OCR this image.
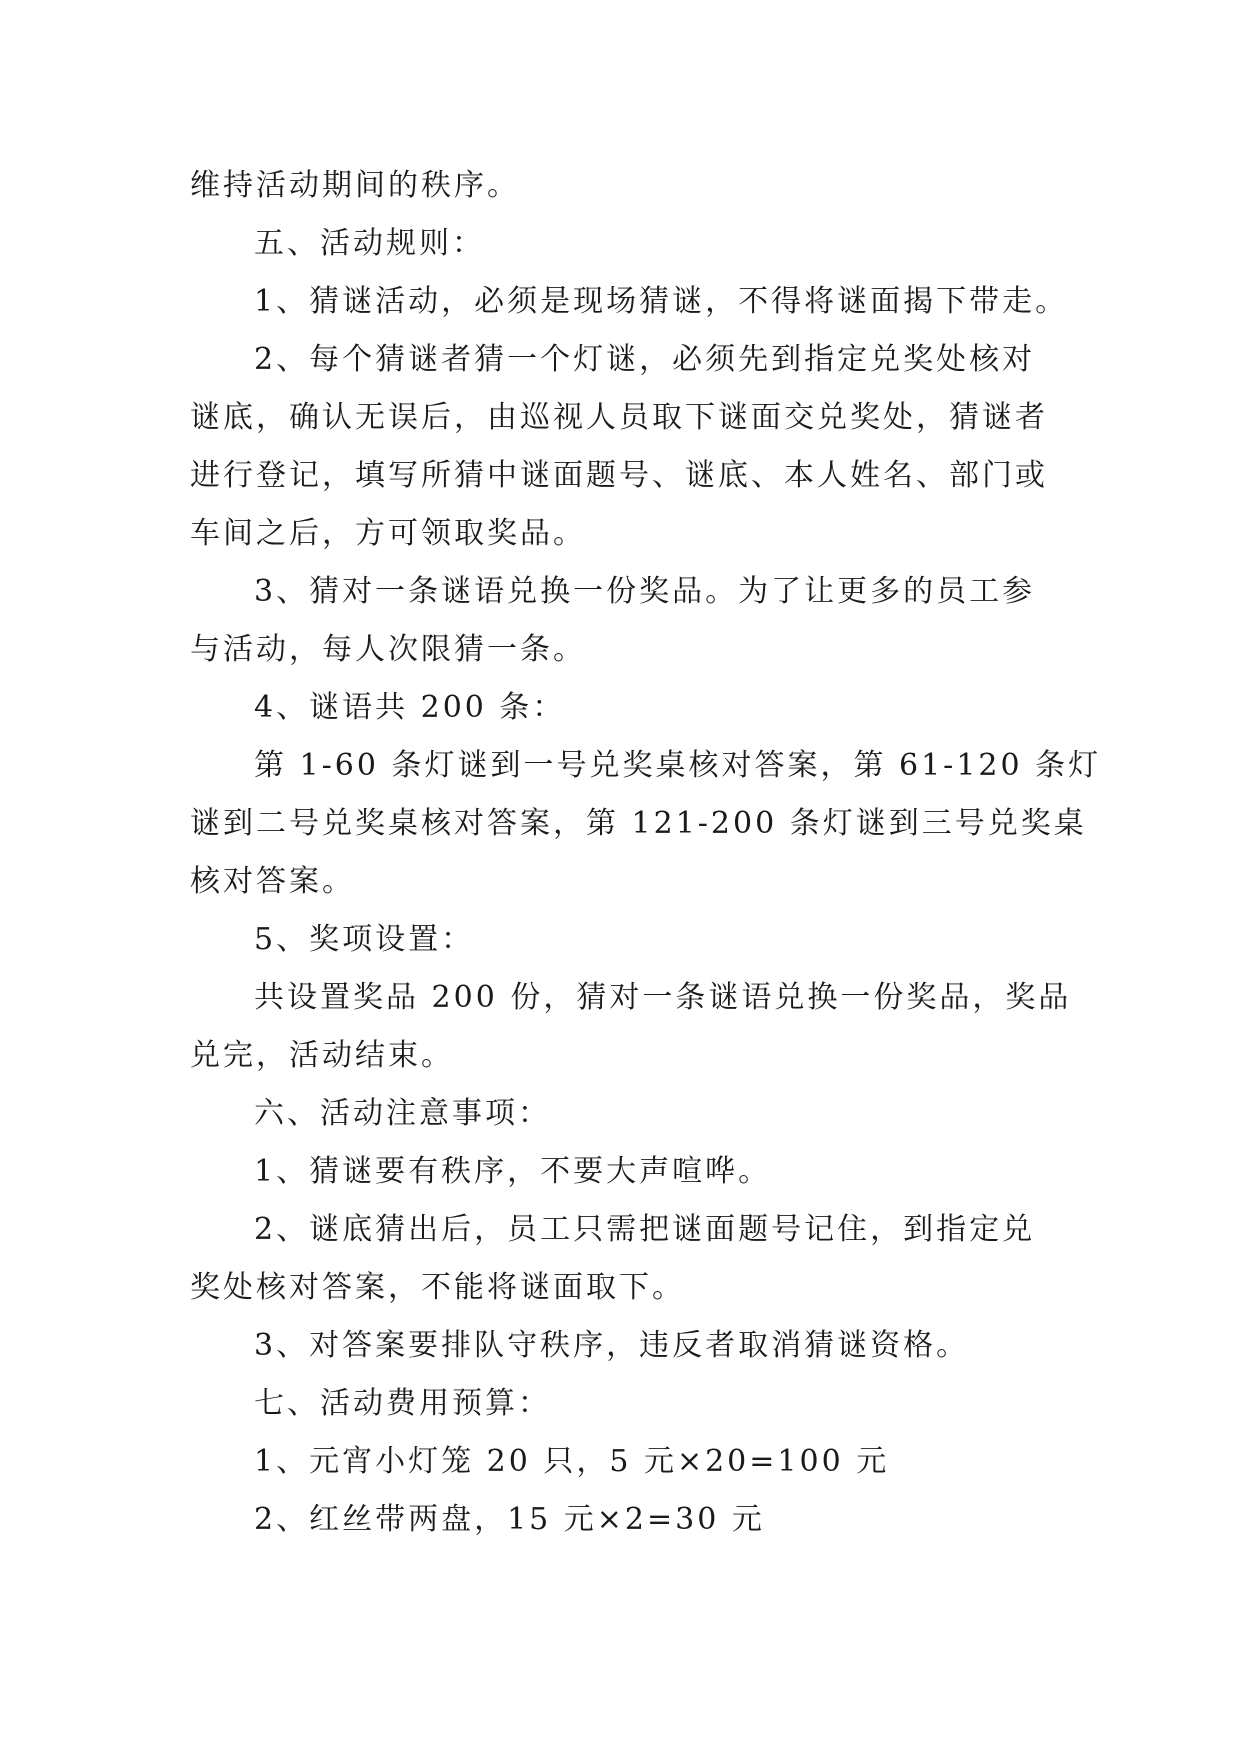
维持活动期间的秩序。
五、活动规则：
1、猜谜活动，必须是现场猜谜，不得将谜面揭下带走。
2、每个猜谜者猜一个灯谜，必须先到指定兑奖处核对
谜底，确认无误后，由巡视人员取下谜面交兑奖处，猜谜者
进行登记，填写所猜中谜面题号、谜底、本人姓名、部门或
车间之后，方可领取奖品。
3、猜对一条谜语兑换一份奖品。为了让更多的员工参
与活动，每人次限猜一条。
4、谜语共 200 条：
第 1-60 条灯谜到一号兑奖桌核对答案，第 61-120 条灯
谜到二号兑奖桌核对答案，第 121-200 条灯谜到三号兑奖桌
核对答案。
5、奖项设置：
共设置奖品 200 份，猜对一条谜语兑换一份奖品，奖品
兑完，活动结束。
六、活动注意事项：
1、猜谜要有秩序，不要大声喧哗。
2、谜底猜出后，员工只需把谜面题号记住，到指定兑
奖处核对答案，不能将谜面取下。
3、对答案要排队守秩序，违反者取消猜谜资格。
七、活动费用预算：
1、元宵小灯笼 20 只，5 元×20=100 元
2、红丝带两盘，15 元×2=30 元
